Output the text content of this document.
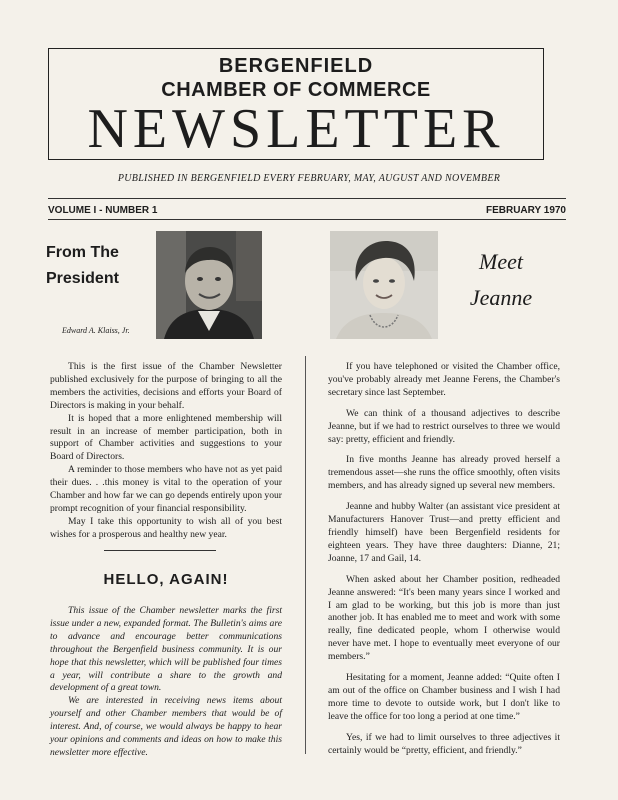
BERGENFIELD
CHAMBER OF COMMERCE
NEWSLETTER
PUBLISHED IN BERGENFIELD EVERY FEBRUARY, MAY, AUGUST AND NOVEMBER
VOLUME I - NUMBER 1	FEBRUARY 1970
From The
President
Edward A. Klaiss, Jr.

This is the first issue of the Chamber Newsletter published exclusively for the purpose of bringing to all the members the activities, decisions and efforts your Board of Directors is making in your behalf.

It is hoped that a more enlightened membership will result in an increase of member participation, both in support of Chamber activities and suggestions to your Board of Directors.

A reminder to those members who have not as yet paid their dues. . .this money is vital to the operation of your Chamber and how far we can go depends entirely upon your prompt recognition of your financial responsibility.

May I take this opportunity to wish all of you best wishes for a prosperous and healthy new year.

HELLO, AGAIN!

This issue of the Chamber newsletter marks the first issue under a new, expanded format. The Bulletin's aims are to advance and encourage better communications throughout the Bergenfield business community. It is our hope that this newsletter, which will be published four times a year, will contribute a share to the growth and development of a great town.

We are interested in receiving news items about yourself and other Chamber members that would be of interest. And, of course, we would always be happy to hear your opinions and comments and ideas on how to make this newsletter more effective.

Meet
Jeanne

If you have telephoned or visited the Chamber office, you've probably already met Jeanne Ferens, the Chamber's secretary since last September.

We can think of a thousand adjectives to describe Jeanne, but if we had to restrict ourselves to three we would say: pretty, efficient and friendly.

In five months Jeanne has already proved herself a tremendous asset—she runs the office smoothly, often visits members, and has already signed up several new members.

Jeanne and hubby Walter (an assistant vice president at Manufacturers Hanover Trust—and pretty efficient and friendly himself) have been Bergenfield residents for eighteen years. They have three daughters: Dianne, 21; Joanne, 17 and Gail, 14.

When asked about her Chamber position, redheaded Jeanne answered: “It's been many years since I worked and I am glad to be working, but this job is more than just another job. It has enabled me to meet and work with some really, fine dedicated people, whom I otherwise would never have met. I hope to eventually meet everyone of our members.”

Hesitating for a moment, Jeanne added: “Quite often I am out of the office on Chamber business and I wish I had more time to devote to outside work, but I don't like to leave the office for too long a period at one time.”

Yes, if we had to limit ourselves to three adjectives it certainly would be “pretty, efficient, and friendly.”
